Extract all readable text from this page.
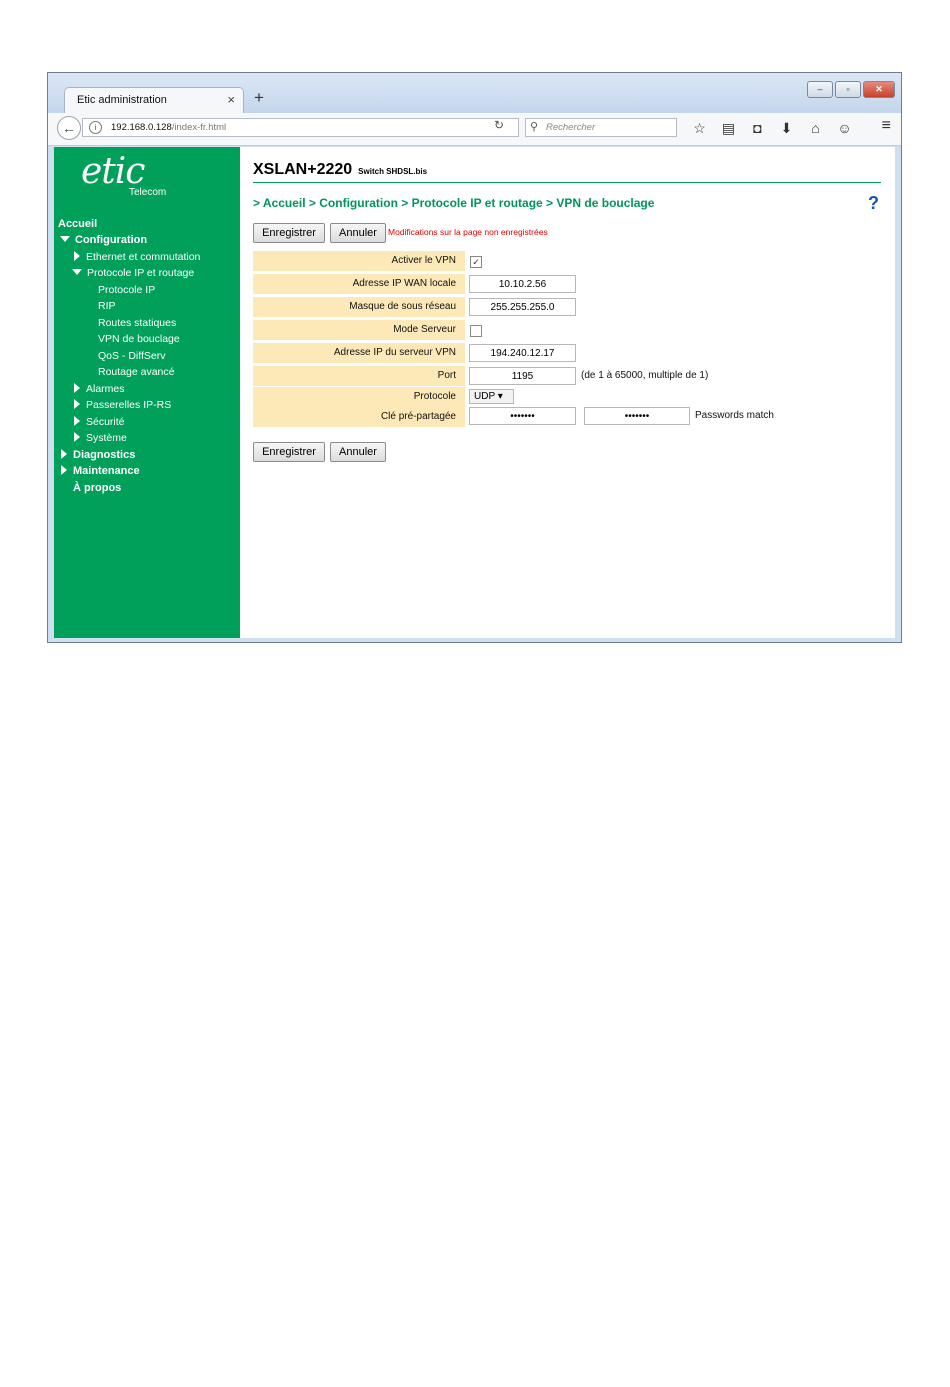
Etic administration	× +	–	▫	✕
←	i	192.168.0.128/index-fr.html	↻ ⚲ Rechercher	☆	▤	◘	⬇	⌂	☺	≡
etic
Telecom
Accueil
Configuration
Ethernet et commutation
Protocole IP et routage
Protocole IP
RIP
Routes statiques
VPN de bouclage
QoS - DiffServ
Routage avancé
Alarmes
Passerelles IP-RS
Sécurité
Système
Diagnostics
Maintenance
À propos
XSLAN+2220 Switch SHDSL.bis
> Accueil > Configuration > Protocole IP et routage > VPN de bouclage	?
Enregistrer	Annuler	Modifications sur la page non enregistrées
Activer le VPN	✓
Adresse IP WAN locale	10.10.2.56
Masque de sous réseau	255.255.255.0
Mode Serveur
Adresse IP du serveur VPN	194.240.12.17
Port	1195	(de 1 à 65000, multiple de 1)
Protocole	UDP ▾
Clé pré-partagée	•••••••	•••••••	Passwords match
Enregistrer	Annuler
